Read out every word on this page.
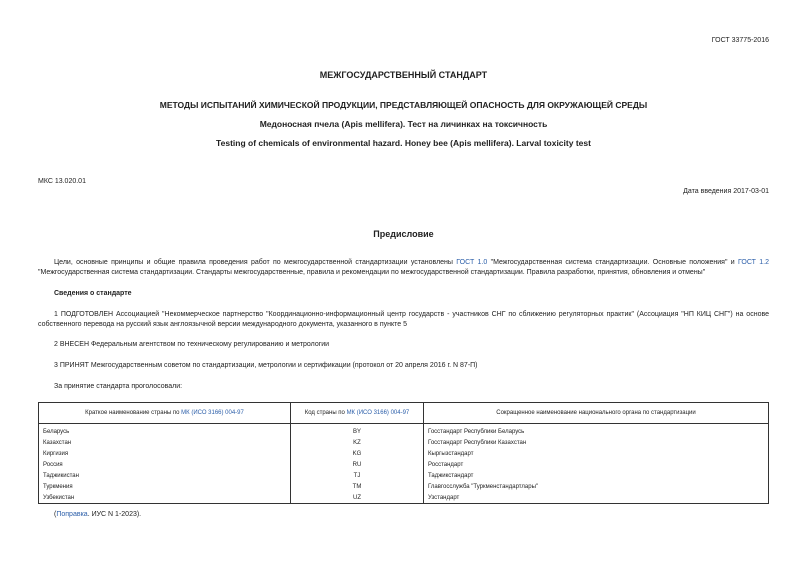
ГОСТ 33775-2016
МЕЖГОСУДАРСТВЕННЫЙ СТАНДАРТ
МЕТОДЫ ИСПЫТАНИЙ ХИМИЧЕСКОЙ ПРОДУКЦИИ, ПРЕДСТАВЛЯЮЩЕЙ ОПАСНОСТЬ ДЛЯ ОКРУЖАЮЩЕЙ СРЕДЫ
Медоносная пчела (Apis mellifera). Тест на личинках на токсичность
Testing of chemicals of environmental hazard. Honey bee (Apis mellifera). Larval toxicity test
МКС 13.020.01
Дата введения 2017-03-01
Предисловие
Цели, основные принципы и общие правила проведения работ по межгосударственной стандартизации установлены ГОСТ 1.0 "Межгосударственная система стандартизации. Основные положения" и ГОСТ 1.2 "Межгосударственная система стандартизации. Стандарты межгосударственные, правила и рекомендации по межгосударственной стандартизации. Правила разработки, принятия, обновления и отмены"
Сведения о стандарте
1 ПОДГОТОВЛЕН Ассоциацией "Некоммерческое партнерство "Координационно-информационный центр государств - участников СНГ по сближению регуляторных практик" (Ассоциация "НП КИЦ СНГ") на основе собственного перевода на русский язык англоязычной версии международного документа, указанного в пункте 5
2 ВНЕСЕН Федеральным агентством по техническому регулированию и метрологии
3 ПРИНЯТ Межгосударственным советом по стандартизации, метрологии и сертификации (протокол от 20 апреля 2016 г. N 87-П)
За принятие стандарта проголосовали:
Краткое наименование страны по МК (ИСО 3166) 004-97	Код страны по МК (ИСО 3166) 004-97	Сокращенное наименование национального органа по стандартизации
Беларусь	BY	Госстандарт Республики Беларусь
Казахстан	KZ	Госстандарт Республики Казахстан
Киргизия	KG	Кыргызстандарт
Россия	RU	Росстандарт
Таджикистан	TJ	Таджикстандарт
Туркмения	TM	Главгосслужба "Туркменстандартлары"
Узбекистан	UZ	Узстандарт
(Поправка. ИУС N 1-2023).
